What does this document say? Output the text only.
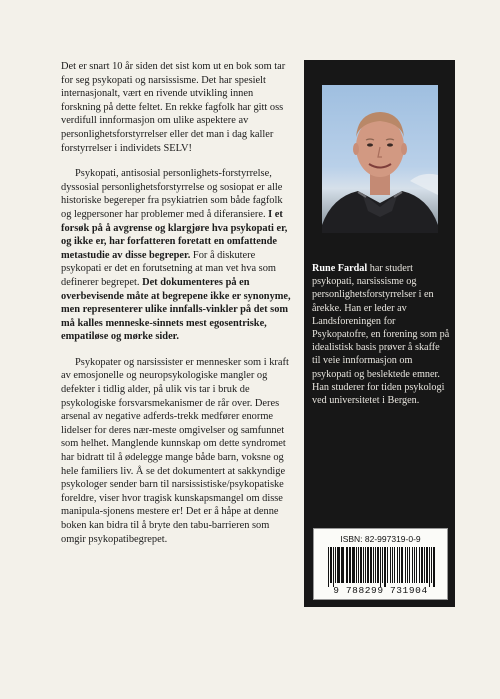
Det er snart 10 år siden det sist kom ut en bok som tar for seg psykopati og narsissisme. Det har spesielt internasjonalt, vært en rivende utvikling innen forskning på dette feltet. En rekke fagfolk har gitt oss verdifull innformasjon om ulike aspektere av personlighetsforstyrrelser eller det man i dag kaller forstyrrelser i individets SELV!

Psykopati, antisosial personlighets-forstyrrelse, dyssosial personlighetsforstyrrelse og sosiopat er alle historiske begereper fra psykiatrien som både fagfolk og legpersoner har problemer med å diferansiere. I et forsøk på å avgrense og klargjøre hva psykopati er, og ikke er, har forfatteren foretatt en omfattende metastudie av disse begreper. For å diskutere psykopati er det en forutsetning at man vet hva som definerer begrepet. Det dokumenteres på en overbevisende måte at begrepene ikke er synonyme, men representerer ulike innfalls-vinkler på det som må kalles menneske-sinnets mest egosentriske, empatiløse og mørke sider.

Psykopater og narsissister er mennesker som i kraft av emosjonelle og neuropsykologiske mangler og defekter i tidlig alder, på ulik vis tar i bruk de psykologiske forsvarsmekanismer de rår over. Deres arsenal av negative adferds-trekk medfører enorme lidelser for deres nær-meste omgivelser og samfunnet som helhet. Manglende kunnskap om dette syndromet har bidratt til å ødelegge mange både barn, voksne og hele familiers liv. Å se det dokumentert at sakkyndige psykologer sender barn til narsissistiske/psykopatiske foreldre, viser hvor tragisk kunskapsmangel om disse manipula-sjonens mestere er! Det er å håpe at denne boken kan bidra til å bryte den tabu-barrieren som omgir psykopatibegrepet.

Rune Fardal har studert psykopati, narsissisme og personlighetsforstyrrelser i en årekke. Han er leder av Landsforeningen for Psykopatofre, en forening som på idealistisk basis prøver å skaffe til veie innformasjon om psykopati og beslektede emner. Han studerer for tiden psykologi ved universitetet i Bergen.
ISBN: 82-997319-0-9
9 788299 731904
